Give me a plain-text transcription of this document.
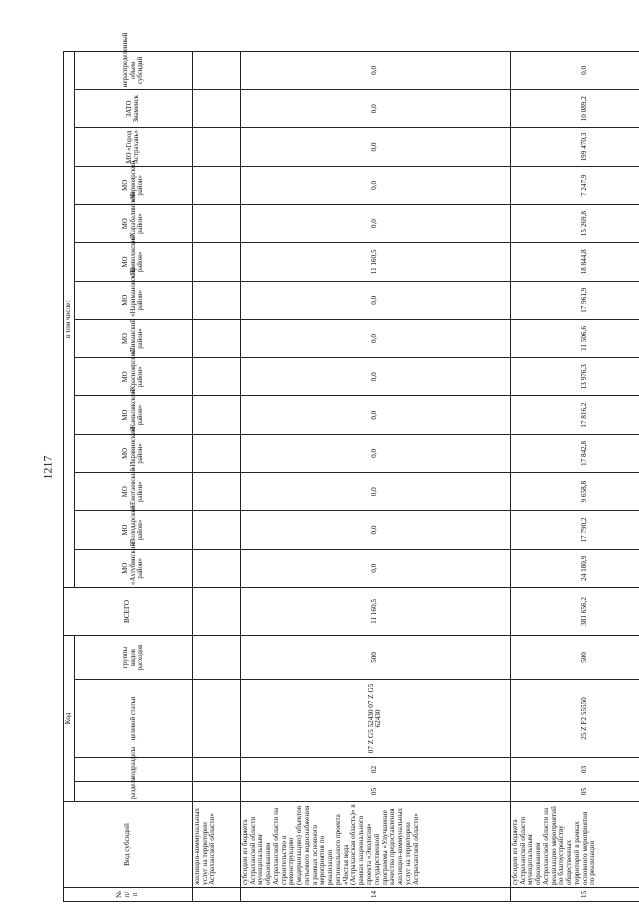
1217
№ п/п	Вид субсидий	Код				ВСЕГО	в том числе:													
		раздела	подраздела	целевой статьи	группы видов расходов		МО «Ахтубинский район»	МО «Володарский район»	МО «Енотаевский район»	МО «Икрянинский район»	МО «Камызякский район»	МО «Красноярский район»	МО «Лиманский район»	МО «Наримановский район»	МО «Приволжский район»	МО «Харабалинский район»	МО «Черноярский район»	МО «Город Астрахань»	ЗАТО Знаменск	нераспределенный объем субсидий

	жилищно-коммунальных услуг на территории Астраханской области»																			
14	субсидии из бюджета Астраханской области муниципальным образованиям Астраханской области на строительство и реконструкцию (модернизацию) объектов питьевого водоснабжения в рамках основного мероприятия по реализации регионального проекта «Чистая вода (Астраханская область)» в рамках национального проекта «Экология» государственной программы «Улучшение качества предоставления жилищно-коммунальных услуг на территории Астраханской области»	05	02	07 Z G5 52430 07 Z G5 62430	500	11 160,5	0,0	0,0	0,0	0,0	0,0	0,0	0,0	0,0	11 160,5	0,0	0,0	0,0	0,0	0,0
15	субсидии из бюджета Астраханской области муниципальным образованиям Астраханской области на реализацию мероприятий по благоустройству общественных территорий в рамках основного мероприятия по реализации	05	03	25 Z F2 55550	500	381 656,2	24 180,9	17 790,2	9 658,8	17 842,8	17 816,2	13 976,3	11 506,6	17 961,9	18 844,8	15 269,8	7 247,9	199 470,3	10 089,2	0,0
